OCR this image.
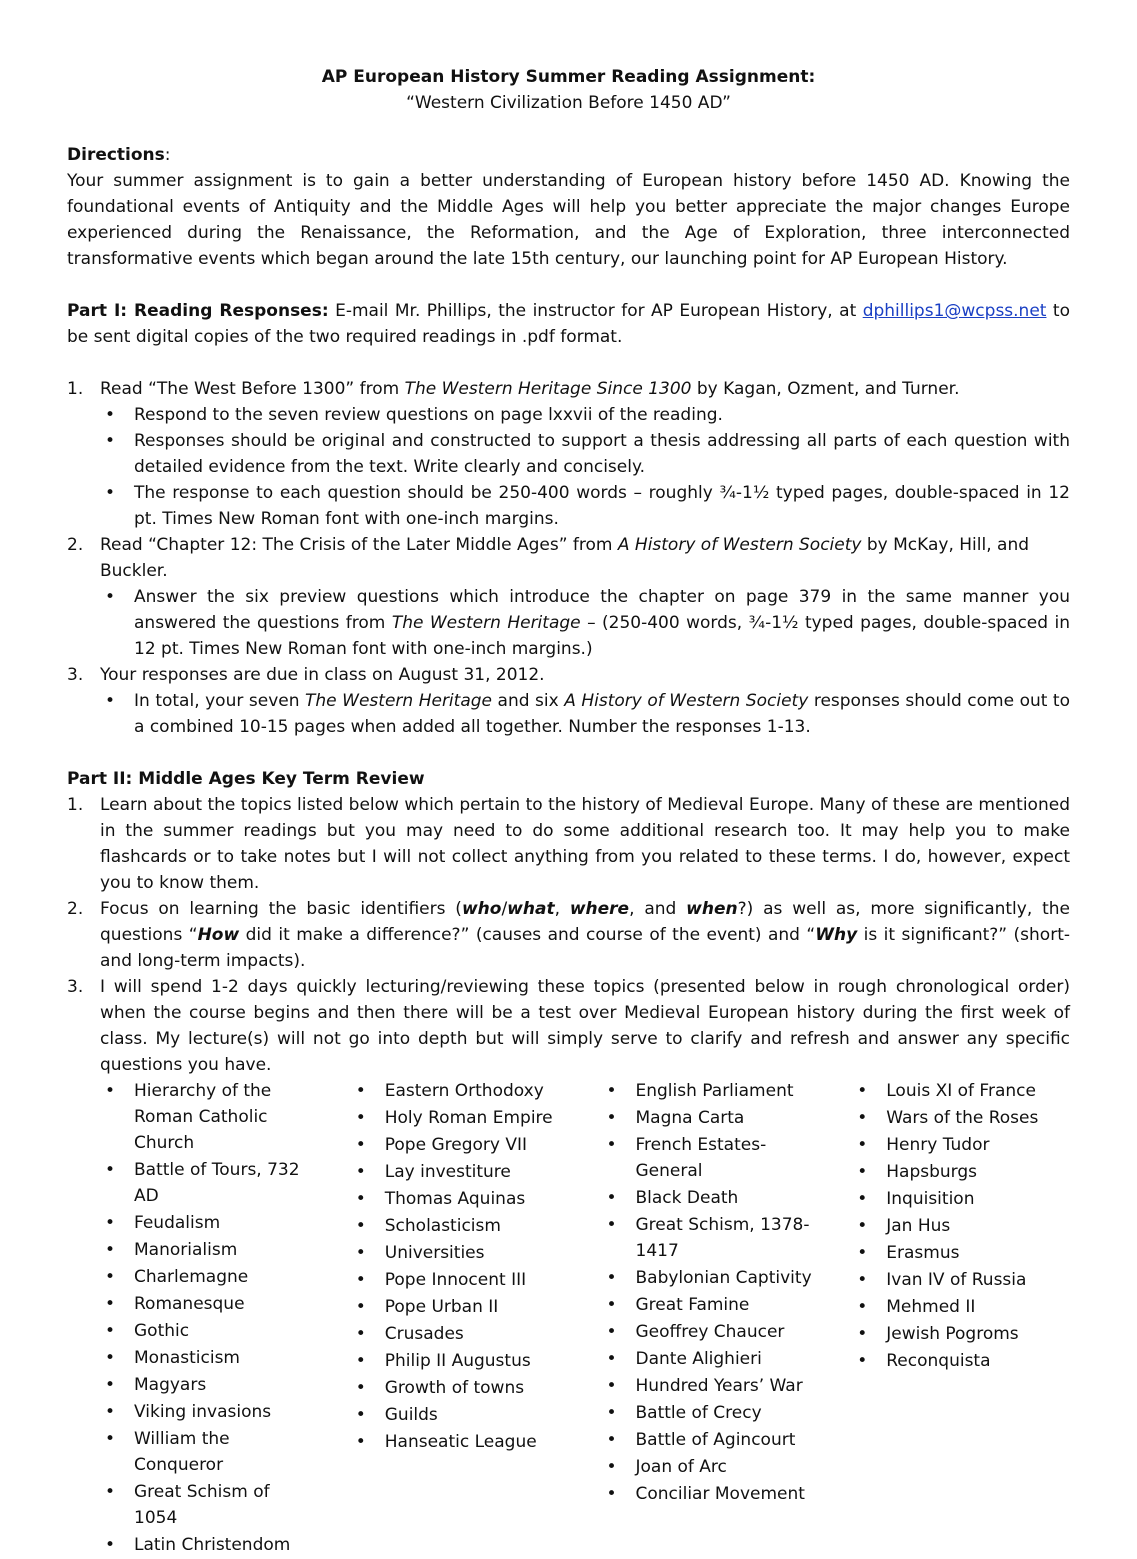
AP European History Summer Reading Assignment:
“Western Civilization Before 1450 AD”
Directions:
Your summer assignment is to gain a better understanding of European history before 1450 AD. Knowing the foundational events of Antiquity and the Middle Ages will help you better appreciate the major changes Europe experienced during the Renaissance, the Reformation, and the Age of Exploration, three interconnected transformative events which began around the late 15th century, our launching point for AP European History.
Part I: Reading Responses: E-mail Mr. Phillips, the instructor for AP European History, at dphillips1@wcpss.net to be sent digital copies of the two required readings in .pdf format.
1. Read “The West Before 1300” from The Western Heritage Since 1300 by Kagan, Ozment, and Turner.
• Respond to the seven review questions on page lxxvii of the reading.
• Responses should be original and constructed to support a thesis addressing all parts of each question with detailed evidence from the text. Write clearly and concisely.
• The response to each question should be 250-400 words – roughly ¾-1½ typed pages, double-spaced in 12 pt. Times New Roman font with one-inch margins.
2. Read “Chapter 12: The Crisis of the Later Middle Ages” from A History of Western Society by McKay, Hill, and Buckler.
• Answer the six preview questions which introduce the chapter on page 379 in the same manner you answered the questions from The Western Heritage – (250-400 words, ¾-1½ typed pages, double-spaced in 12 pt. Times New Roman font with one-inch margins.)
3. Your responses are due in class on August 31, 2012.
• In total, your seven The Western Heritage and six A History of Western Society responses should come out to a combined 10-15 pages when added all together. Number the responses 1-13.
Part II: Middle Ages Key Term Review
1. Learn about the topics listed below which pertain to the history of Medieval Europe. Many of these are mentioned in the summer readings but you may need to do some additional research too. It may help you to make flashcards or to take notes but I will not collect anything from you related to these terms. I do, however, expect you to know them.
2. Focus on learning the basic identifiers (who/what, where, and when?) as well as, more significantly, the questions “How did it make a difference?” (causes and course of the event) and “Why is it significant?” (short- and long-term impacts).
3. I will spend 1-2 days quickly lecturing/reviewing these topics (presented below in rough chronological order) when the course begins and then there will be a test over Medieval European history during the first week of class. My lecture(s) will not go into depth but will simply serve to clarify and refresh and answer any specific questions you have.
• Hierarchy of the Roman Catholic Church
• Battle of Tours, 732 AD
• Feudalism
• Manorialism
• Charlemagne
• Romanesque
• Gothic
• Monasticism
• Magyars
• Viking invasions
• William the Conqueror
• Great Schism of 1054
• Latin Christendom
• Eastern Orthodoxy
• Holy Roman Empire
• Pope Gregory VII
• Lay investiture
• Thomas Aquinas
• Scholasticism
• Universities
• Pope Innocent III
• Pope Urban II
• Crusades
• Philip II Augustus
• Growth of towns
• Guilds
• Hanseatic League
• English Parliament
• Magna Carta
• French Estates-General
• Black Death
• Great Schism, 1378-1417
• Babylonian Captivity
• Great Famine
• Geoffrey Chaucer
• Dante Alighieri
• Hundred Years’ War
• Battle of Crecy
• Battle of Agincourt
• Joan of Arc
• Conciliar Movement
• Louis XI of France
• Wars of the Roses
• Henry Tudor
• Hapsburgs
• Inquisition
• Jan Hus
• Erasmus
• Ivan IV of Russia
• Mehmed II
• Jewish Pogroms
• Reconquista
